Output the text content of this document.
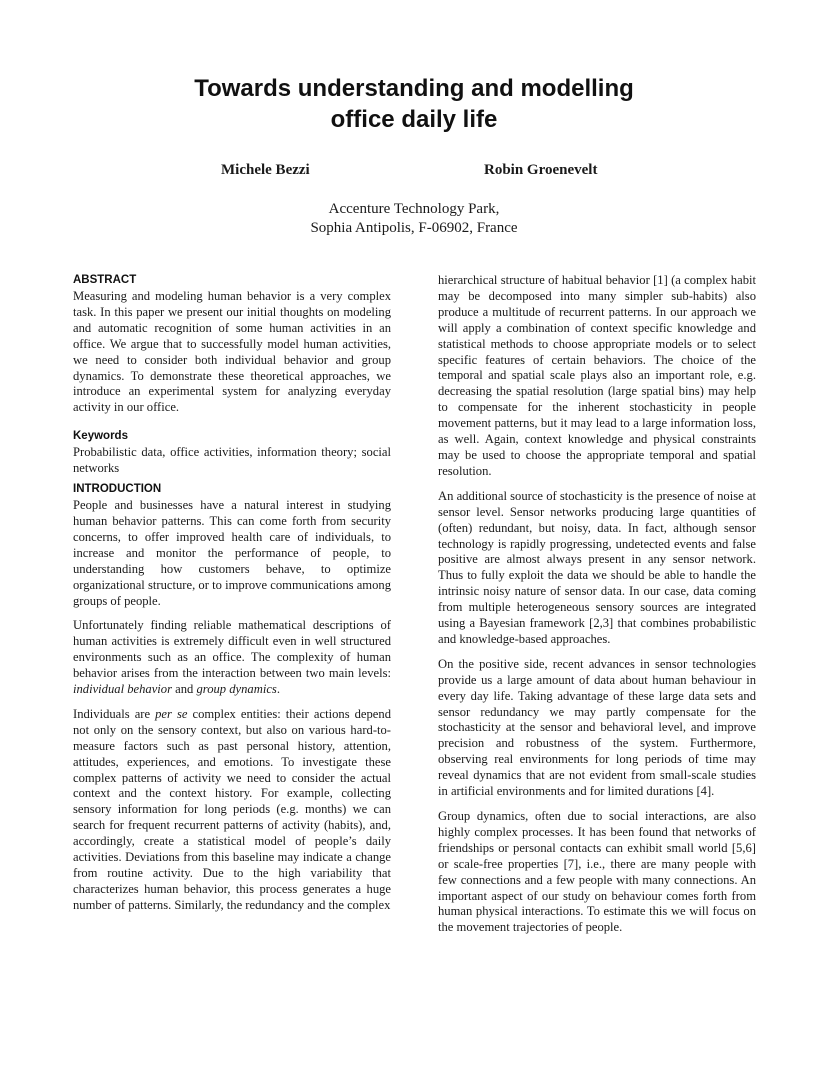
Towards understanding and modelling
office daily life
Michele Bezzi	Robin Groenevelt
Accenture Technology Park,
Sophia Antipolis, F-06902, France
ABSTRACT

Measuring and modeling human behavior is a very complex task. In this paper we present our initial thoughts on modeling and automatic recognition of some human activities in an office. We argue that to successfully model human activities, we need to consider both individual behavior and group dynamics. To demonstrate these theoretical approaches, we introduce an experimental system for analyzing everyday activity in our office.

Keywords

Probabilistic data, office activities, information theory; social networks

INTRODUCTION

People and businesses have a natural interest in studying human behavior patterns. This can come forth from security concerns, to offer improved health care of individuals, to increase and monitor the performance of people, to understanding how customers behave, to optimize organizational structure, or to improve communications among groups of people.

Unfortunately finding reliable mathematical descriptions of human activities is extremely difficult even in well structured environments such as an office. The complexity of human behavior arises from the interaction between two main levels: individual behavior and group dynamics.

Individuals are per se complex entities: their actions depend not only on the sensory context, but also on various hard-to-measure factors such as past personal history, attention, attitudes, experiences, and emotions. To investigate these complex patterns of activity we need to consider the actual context and the context history. For example, collecting sensory information for long periods (e.g. months) we can search for frequent recurrent patterns of activity (habits), and, accordingly, create a statistical model of people’s daily activities. Deviations from this baseline may indicate a change from routine activity. Due to the high variability that characterizes human behavior, this process generates a huge number of patterns. Similarly, the redundancy and the complex

hierarchical structure of habitual behavior [1] (a complex habit may be decomposed into many simpler sub-habits) also produce a multitude of recurrent patterns. In our approach we will apply a combination of context specific knowledge and statistical methods to choose appropriate models or to select specific features of certain behaviors. The choice of the temporal and spatial scale plays also an important role, e.g. decreasing the spatial resolution (large spatial bins) may help to compensate for the inherent stochasticity in people movement patterns, but it may lead to a large information loss, as well. Again, context knowledge and physical constraints may be used to choose the appropriate temporal and spatial resolution.

An additional source of stochasticity is the presence of noise at sensor level. Sensor networks producing large quantities of (often) redundant, but noisy, data. In fact, although sensor technology is rapidly progressing, undetected events and false positive are almost always present in any sensor network. Thus to fully exploit the data we should be able to handle the intrinsic noisy nature of sensor data. In our case, data coming from multiple heterogeneous sensory sources are integrated using a Bayesian framework [2,3] that combines probabilistic and knowledge-based approaches.

On the positive side, recent advances in sensor technologies provide us a large amount of data about human behaviour in every day life. Taking advantage of these large data sets and sensor redundancy we may partly compensate for the stochasticity at the sensor and behavioral level, and improve precision and robustness of the system. Furthermore, observing real environments for long periods of time may reveal dynamics that are not evident from small-scale studies in artificial environments and for limited durations [4].

Group dynamics, often due to social interactions, are also highly complex processes. It has been found that networks of friendships or personal contacts can exhibit small world [5,6] or scale-free properties [7], i.e., there are many people with few connections and a few people with many connections. An important aspect of our study on behaviour comes forth from human physical interactions. To estimate this we will focus on the movement trajectories of people.
